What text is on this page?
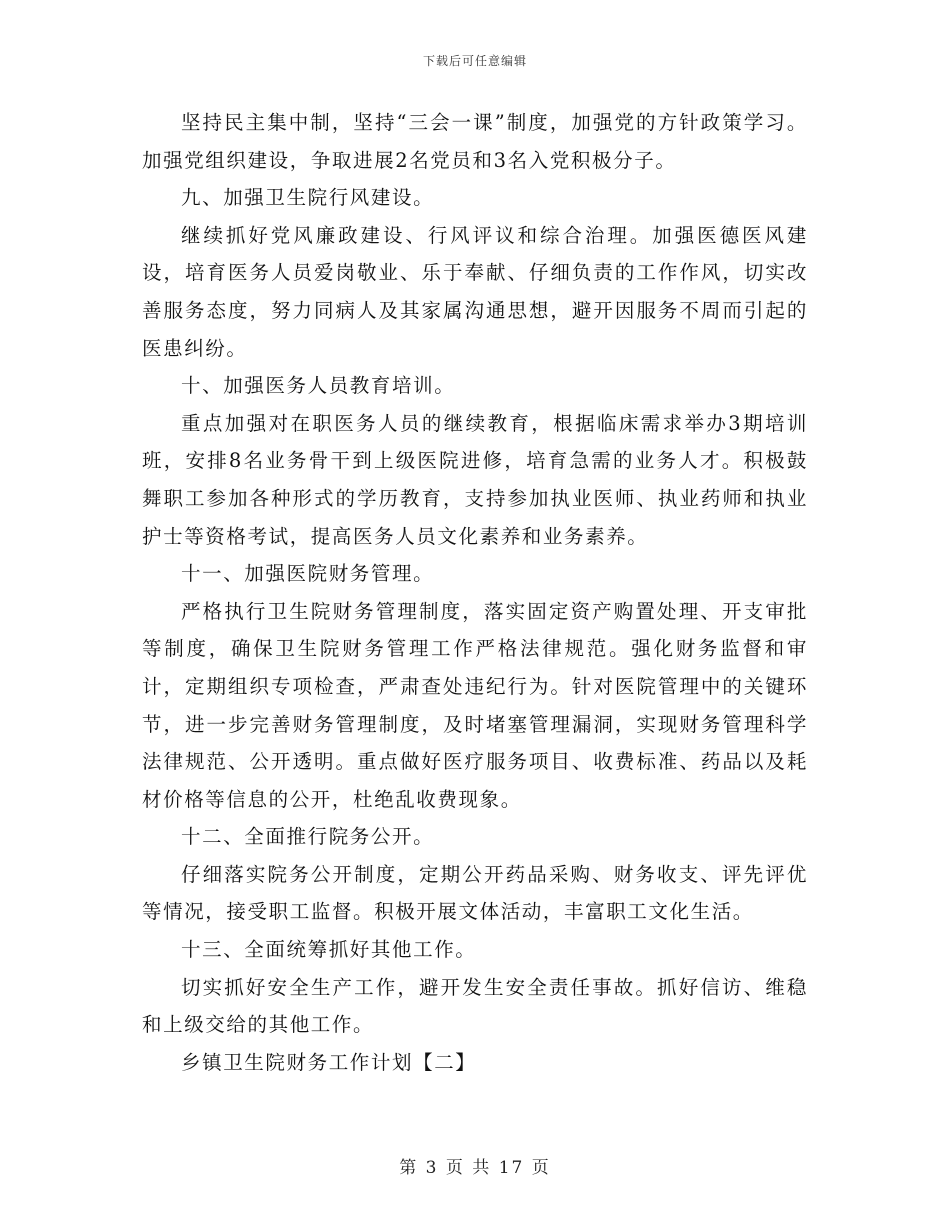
下载后可任意编辑

坚持民主集中制，坚持“三会一课”制度，加强党的方针政策学习。加强党组织建设，争取进展2名党员和3名入党积极分子。

九、加强卫生院行风建设。

继续抓好党风廉政建设、行风评议和综合治理。加强医德医风建设，培育医务人员爱岗敬业、乐于奉献、仔细负责的工作作风，切实改善服务态度，努力同病人及其家属沟通思想，避开因服务不周而引起的医患纠纷。

十、加强医务人员教育培训。

重点加强对在职医务人员的继续教育，根据临床需求举办3期培训班，安排8名业务骨干到上级医院进修，培育急需的业务人才。积极鼓舞职工参加各种形式的学历教育，支持参加执业医师、执业药师和执业护士等资格考试，提高医务人员文化素养和业务素养。

十一、加强医院财务管理。

严格执行卫生院财务管理制度，落实固定资产购置处理、开支审批等制度，确保卫生院财务管理工作严格法律规范。强化财务监督和审计，定期组织专项检查，严肃查处违纪行为。针对医院管理中的关键环节，进一步完善财务管理制度，及时堵塞管理漏洞，实现财务管理科学法律规范、公开透明。重点做好医疗服务项目、收费标准、药品以及耗材价格等信息的公开，杜绝乱收费现象。

十二、全面推行院务公开。

仔细落实院务公开制度，定期公开药品采购、财务收支、评先评优等情况，接受职工监督。积极开展文体活动，丰富职工文化生活。

十三、全面统筹抓好其他工作。

切实抓好安全生产工作，避开发生安全责任事故。抓好信访、维稳和上级交给的其他工作。

乡镇卫生院财务工作计划【二】

第 3 页 共 17 页
